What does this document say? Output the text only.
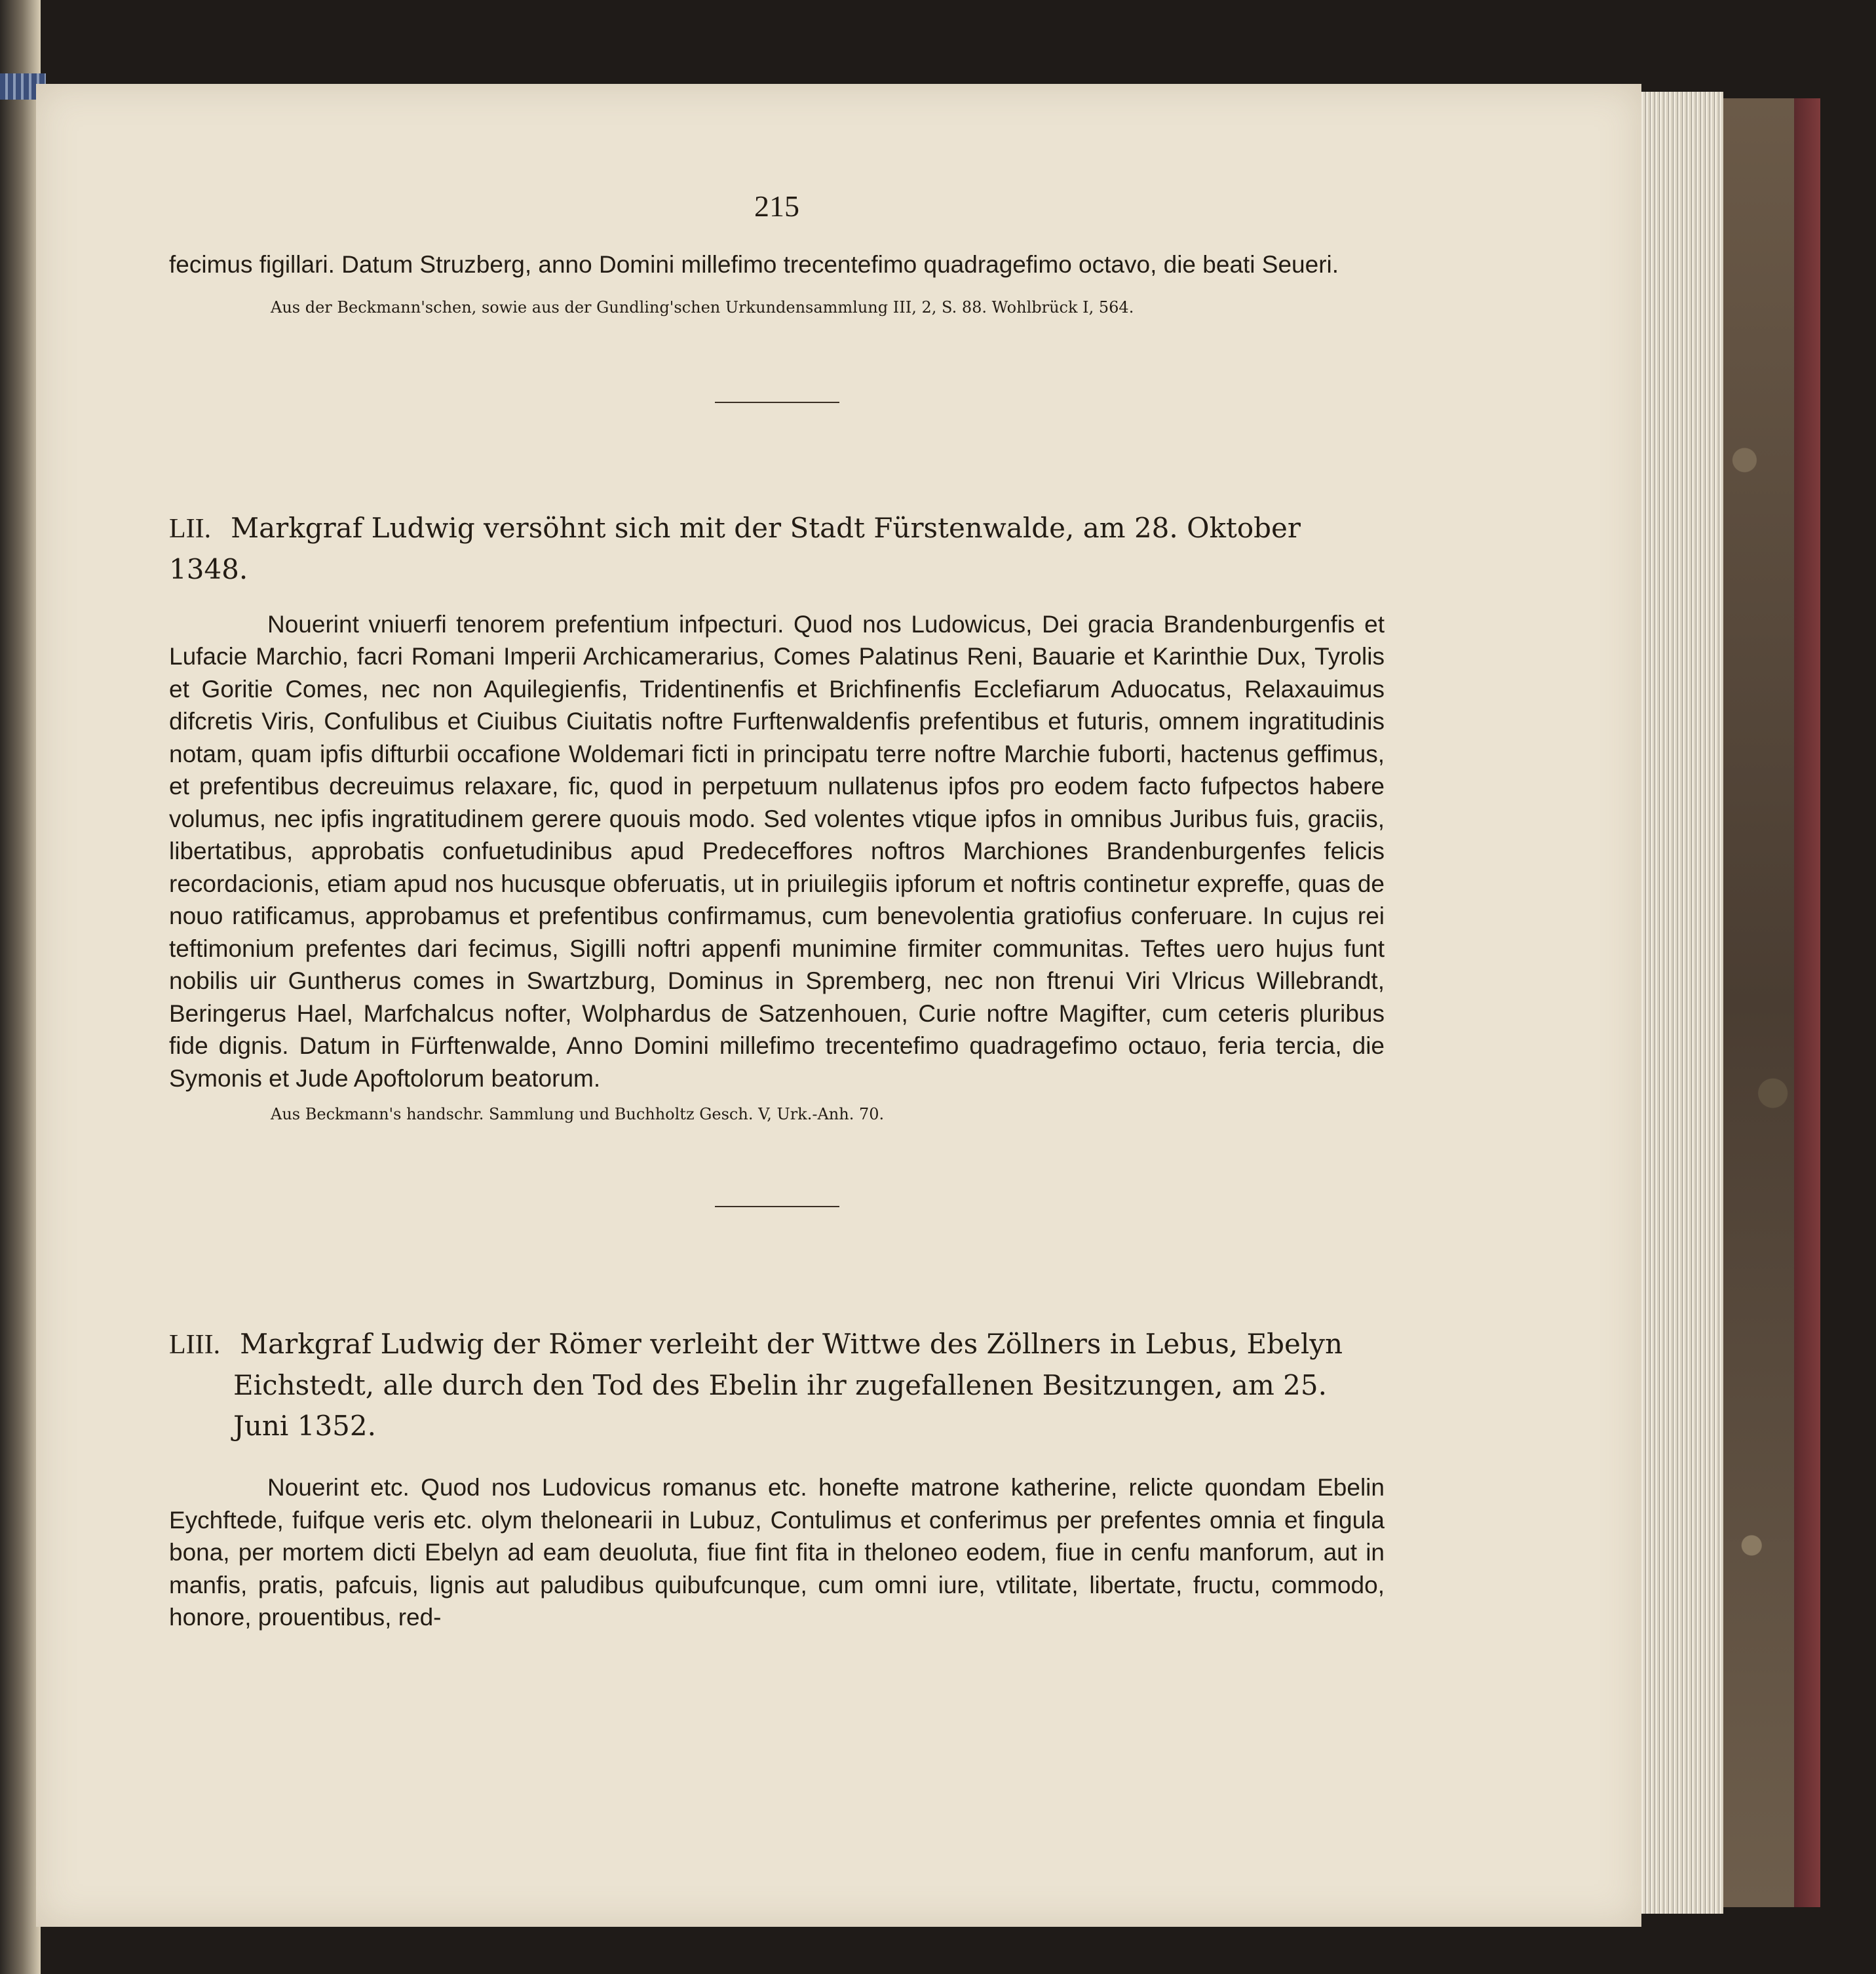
215

fecimus figillari. Datum Struzberg, anno Domini millefimo trecentefimo quadragefimo octavo, die beati Seueri.

Aus der Beckmann'schen, sowie aus der Gundling'schen Urkundensammlung III, 2, S. 88. Wohlbrück I, 564.

LII. Markgraf Ludwig versöhnt sich mit der Stadt Fürstenwalde, am 28. Oktober 1348.

Nouerint vniuerfi tenorem prefentium infpecturi. Quod nos Ludowicus, Dei gracia Brandenburgenfis et Lufacie Marchio, facri Romani Imperii Archicamerarius, Comes Palatinus Reni, Bauarie et Karinthie Dux, Tyrolis et Goritie Comes, nec non Aquilegienfis, Tridentinenfis et Brichfinenfis Ecclefiarum Aduocatus, Relaxauimus difcretis Viris, Confulibus et Ciuibus Ciuitatis noftre Furftenwaldenfis prefentibus et futuris, omnem ingratitudinis notam, quam ipfis difturbii occafione Woldemari ficti in principatu terre noftre Marchie fuborti, hactenus geffimus, et prefentibus decreuimus relaxare, fic, quod in perpetuum nullatenus ipfos pro eodem facto fufpectos habere volumus, nec ipfis ingratitudinem gerere quouis modo. Sed volentes vtique ipfos in omnibus Juribus fuis, graciis, libertatibus, approbatis confuetudinibus apud Predeceffores noftros Marchiones Brandenburgenfes felicis recordacionis, etiam apud nos hucusque obferuatis, ut in priuilegiis ipforum et noftris continetur expreffe, quas de nouo ratificamus, approbamus et prefentibus confirmamus, cum benevolentia gratiofius conferuare. In cujus rei teftimonium prefentes dari fecimus, Sigilli noftri appenfi munimine firmiter communitas. Teftes uero hujus funt nobilis uir Guntherus comes in Swartzburg, Dominus in Spremberg, nec non ftrenui Viri Vlricus Willebrandt, Beringerus Hael, Marfchalcus nofter, Wolphardus de Satzenhouen, Curie noftre Magifter, cum ceteris pluribus fide dignis. Datum in Fürftenwalde, Anno Domini millefimo trecentefimo quadragefimo octauo, feria tercia, die Symonis et Jude Apoftolorum beatorum.

Aus Beckmann's handschr. Sammlung und Buchholtz Gesch. V, Urk.-Anh. 70.

LIII. Markgraf Ludwig der Römer verleiht der Wittwe des Zöllners in Lebus, Ebelyn Eichstedt, alle durch den Tod des Ebelin ihr zugefallenen Besitzungen, am 25. Juni 1352.

Nouerint etc. Quod nos Ludovicus romanus etc. honefte matrone katherine, relicte quondam Ebelin Eychftede, fuifque veris etc. olym thelonearii in Lubuz, Contulimus et conferimus per prefentes omnia et fingula bona, per mortem dicti Ebelyn ad eam deuoluta, fiue fint fita in theloneo eodem, fiue in cenfu manforum, aut in manfis, pratis, pafcuis, lignis aut paludibus quibufcunque, cum omni iure, vtilitate, libertate, fructu, commodo, honore, prouentibus, red-
